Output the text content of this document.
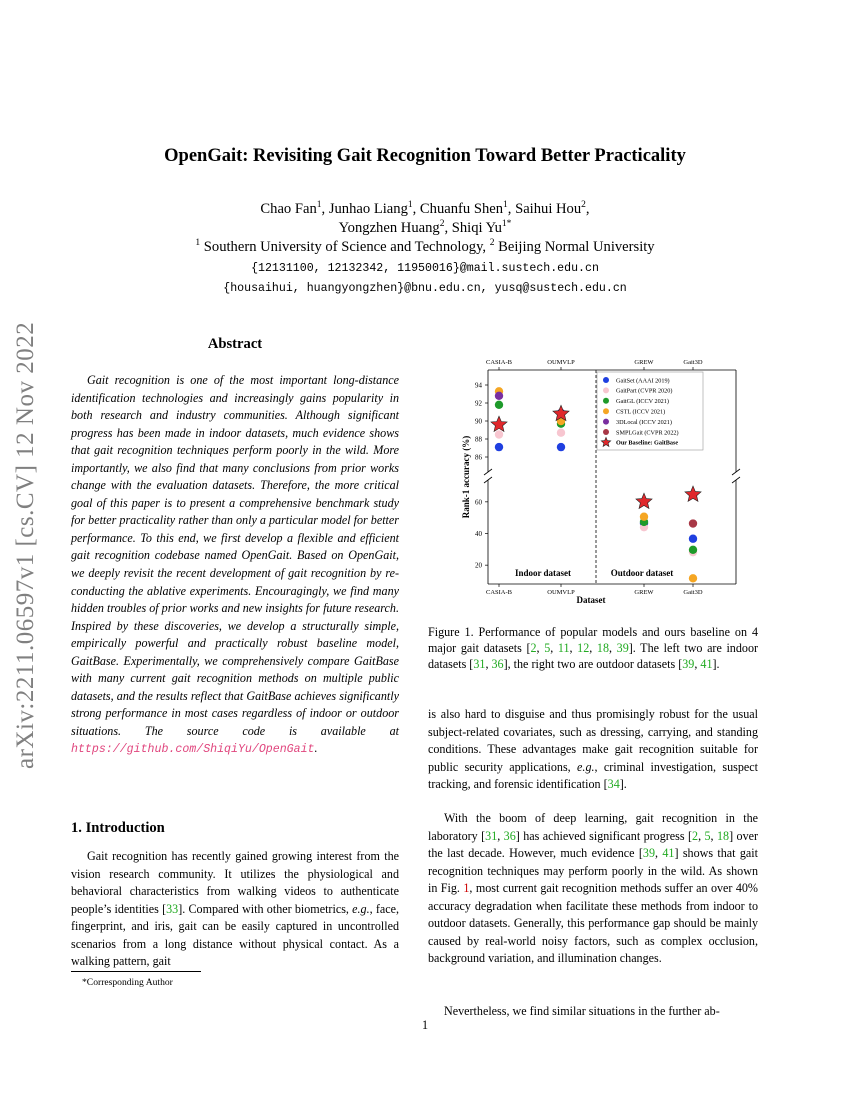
arXiv:2211.06597v1 [cs.CV] 12 Nov 2022
OpenGait: Revisiting Gait Recognition Toward Better Practicality
Chao Fan$^1$, Junhao Liang$^1$, Chuanfu Shen$^1$, Saihui Hou$^2$,
Yongzhen Huang$^2$, Shiqi $Yu^{1*}$
$^1$ Southern University of Science and Technology, $^2$ Beijing Normal University
{12131100, 12132342, 11950016}@mail.sustech.edu.cn
{housaihui, huangyongzhen}@bnu.edu.cn, yusq@sustech.edu.cn
Abstract
Gait recognition is one of the most important long-distance identification technologies and increasingly gains popularity in both research and industry communities. Although significant progress has been made in indoor datasets, much evidence shows that gait recognition techniques perform poorly in the wild. More importantly, we also find that many conclusions from prior works change with the evaluation datasets. Therefore, the more critical goal of this paper is to present a comprehensive benchmark study for better practicality rather than only a particular model for better performance. To this end, we first develop a flexible and efficient gait recognition codebase named OpenGait. Based on OpenGait, we deeply revisit the recent development of gait recognition by re-conducting the ablative experiments. Encouragingly, we find many hidden troubles of prior works and new insights for future research. Inspired by these discoveries, we develop a structurally simple, empirically powerful and practically robust baseline model, GaitBase. Experimentally, we comprehensively compare GaitBase with many current gait recognition methods on multiple public datasets, and the results reflect that GaitBase achieves significantly strong performance in most cases regardless of indoor or outdoor situations. The source code is available at https://github.com/ShiqiYu/OpenGait.
1. Introduction
Gait recognition has recently gained growing interest from the vision research community. It utilizes the physiological and behavioral characteristics from walking videos to authenticate people’s identities [33]. Compared with other biometrics, e.g., face, fingerprint, and iris, gait can be easily captured in uncontrolled scenarios from a long distance without physical contact. As a walking pattern, gait
*Corresponding Author
86
88
90
92
94
20
40
60
CASIA-B	OUMVLP	GREW	Gait3D
CASIA-B	OUMVLP	GREW	Gait3D
Dataset
Rank-1 accuracy (%)
Indoor dataset	Outdoor dataset
GaitSet (AAAI 2019)
GaitPart (CVPR 2020)
GaitGL (ICCV 2021)
CSTL (ICCV 2021)
3DLocal (ICCV 2021)
SMPLGait (CVPR 2022)
Our Baseline: GaitBase
Figure 1. Performance of popular models and ours baseline on 4 major gait datasets [2, 5, 11, 12, 18, 39]. The left two are indoor datasets [31, 36], the right two are outdoor datasets [39, 41].
is also hard to disguise and thus promisingly robust for the usual subject-related covariates, such as dressing, carrying, and standing conditions. These advantages make gait recognition suitable for public security applications, e.g., criminal investigation, suspect tracking, and forensic identification [34].
With the boom of deep learning, gait recognition in the laboratory [31, 36] has achieved significant progress [2, 5, 18] over the last decade. However, much evidence [39, 41] shows that gait recognition techniques may perform poorly in the wild. As shown in Fig. 1, most current gait recognition methods suffer an over 40% accuracy degradation when facilitate these methods from indoor to outdoor datasets. Generally, this performance gap should be mainly caused by real-world noisy factors, such as complex occlusion, background variation, and illumination changes.
Nevertheless, we find similar situations in the further ab-
1
